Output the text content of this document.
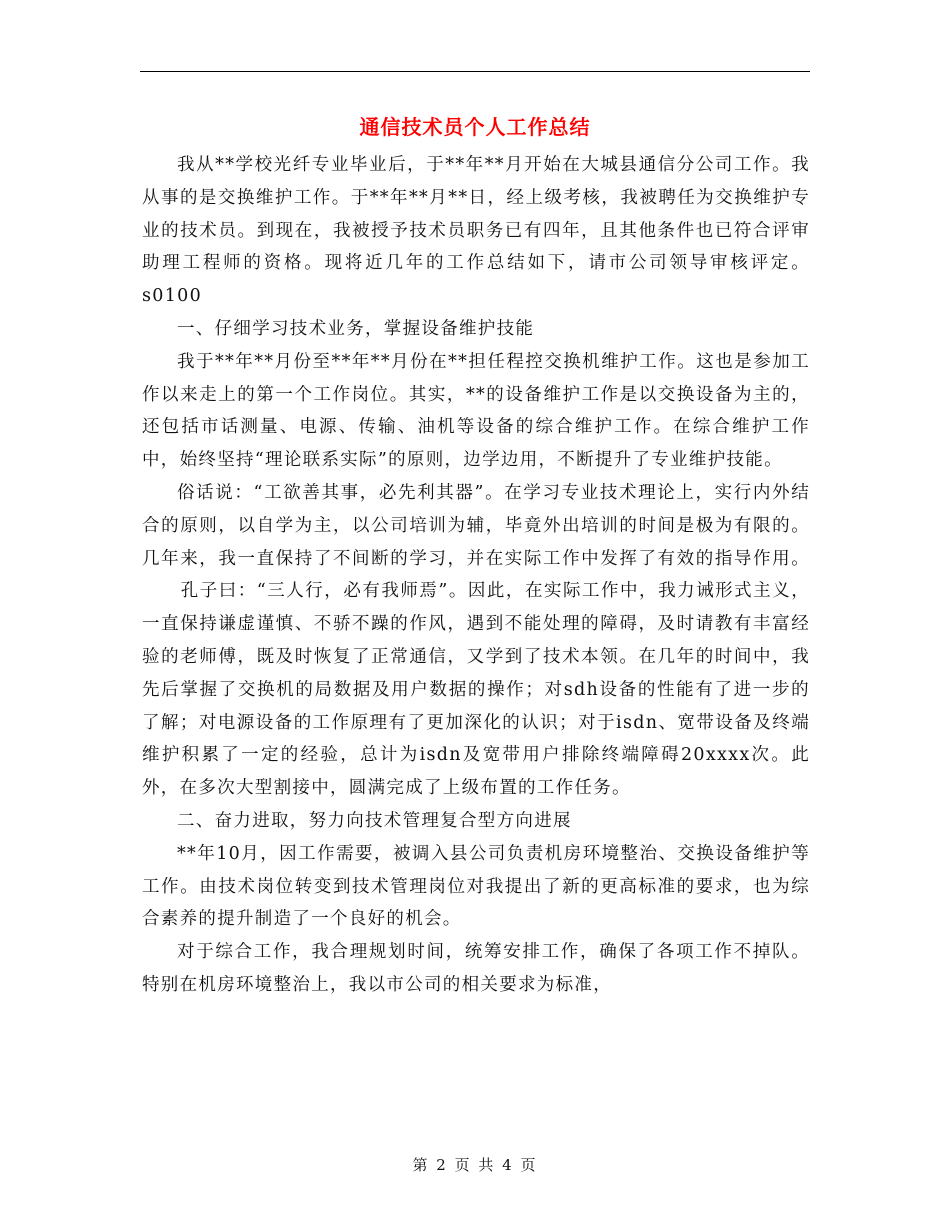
通信技术员个人工作总结

我从**学校光纤专业毕业后，于**年**月开始在大城县通信分公司工作。我从事的是交换维护工作。于**年**月**日，经上级考核，我被聘任为交换维护专业的技术员。到现在，我被授予技术员职务已有四年，且其他条件也已符合评审助理工程师的资格。现将近几年的工作总结如下，请市公司领导审核评定。s0100

一、仔细学习技术业务，掌握设备维护技能

我于**年**月份至**年**月份在**担任程控交换机维护工作。这也是参加工作以来走上的第一个工作岗位。其实，**的设备维护工作是以交换设备为主的，还包括市话测量、电源、传输、油机等设备的综合维护工作。在综合维护工作中，始终坚持“理论联系实际”的原则，边学边用，不断提升了专业维护技能。

俗话说：“工欲善其事，必先利其器”。在学习专业技术理论上，实行内外结合的原则，以自学为主，以公司培训为辅，毕竟外出培训的时间是极为有限的。几年来，我一直保持了不间断的学习，并在实际工作中发挥了有效的指导作用。孔子曰：“三人行，必有我师焉”。因此，在实际工作中，我力诫形式主义，一直保持谦虚谨慎、不骄不躁的作风，遇到不能处理的障碍，及时请教有丰富经验的老师傅，既及时恢复了正常通信，又学到了技术本领。在几年的时间中，我先后掌握了交换机的局数据及用户数据的操作；对sdh设备的性能有了进一步的了解；对电源设备的工作原理有了更加深化的认识；对于isdn、宽带设备及终端维护积累了一定的经验，总计为isdn及宽带用户排除终端障碍20xxxx次。此外，在多次大型割接中，圆满完成了上级布置的工作任务。

二、奋力进取，努力向技术管理复合型方向进展

**年10月，因工作需要，被调入县公司负责机房环境整治、交换设备维护等工作。由技术岗位转变到技术管理岗位对我提出了新的更高标准的要求，也为综合素养的提升制造了一个良好的机会。

对于综合工作，我合理规划时间，统筹安排工作，确保了各项工作不掉队。特别在机房环境整治上，我以市公司的相关要求为标准，

第 2 页 共 4 页
